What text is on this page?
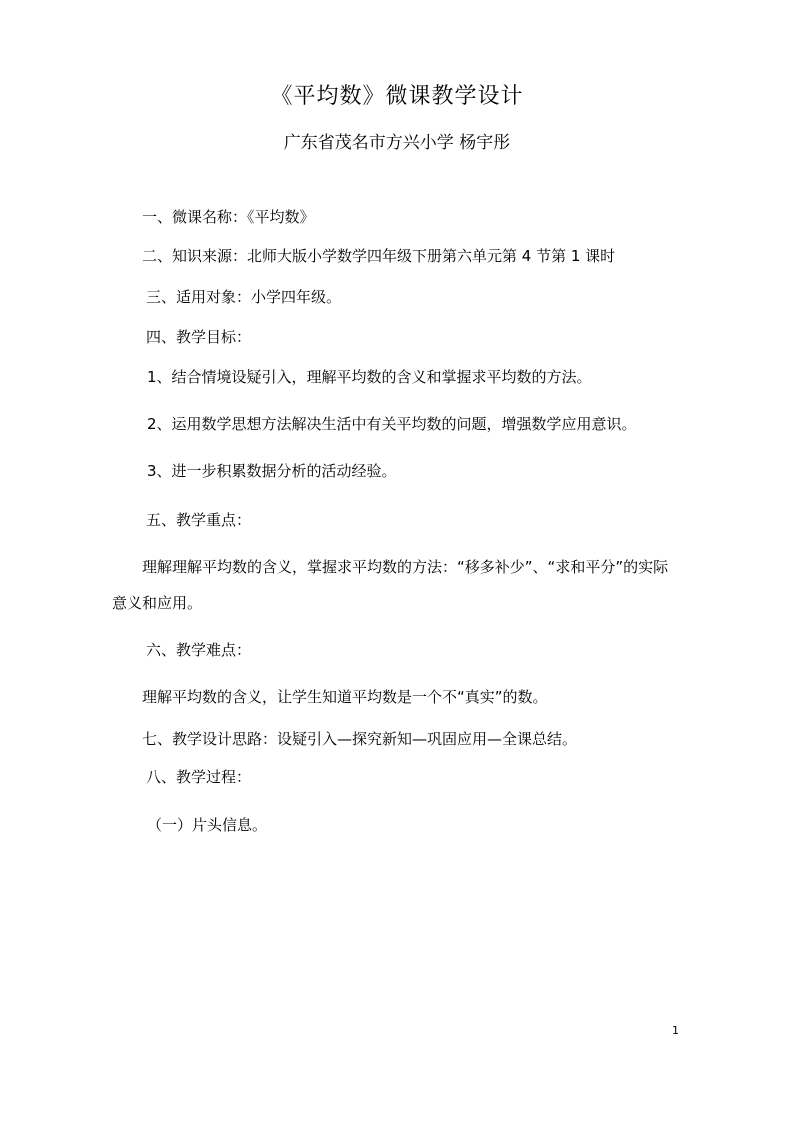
《平均数》微课教学设计
广东省茂名市方兴小学 杨宇彤
一、微课名称：《平均数》
二、知识来源：北师大版小学数学四年级下册第六单元第 4 节第 1 课时
三、适用对象：小学四年级。
四、教学目标：
1、结合情境设疑引入，理解平均数的含义和掌握求平均数的方法。
2、运用数学思想方法解决生活中有关平均数的问题，增强数学应用意识。
3、进一步积累数据分析的活动经验。
五、教学重点：
理解理解平均数的含义，掌握求平均数的方法：“移多补少”、“求和平分”的实际意义和应用。
六、教学难点：
理解平均数的含义，让学生知道平均数是一个不“真实”的数。
七、教学设计思路：设疑引入—探究新知—巩固应用—全课总结。
八、教学过程：
（一）片头信息。
1
